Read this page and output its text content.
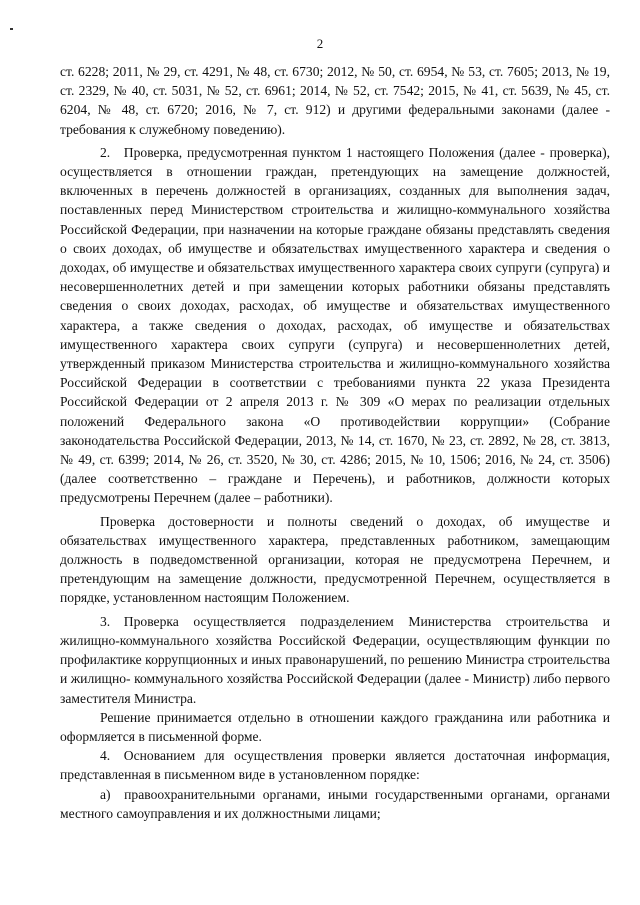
2

ст. 6228; 2011, № 29, ст. 4291, № 48, ст. 6730; 2012, № 50, ст. 6954, № 53, ст. 7605; 2013, № 19, ст. 2329, № 40, ст. 5031, № 52, ст. 6961; 2014, № 52, ст. 7542; 2015, № 41, ст. 5639, № 45, ст. 6204, № 48, ст. 6720; 2016, № 7, ст. 912) и другими федеральными законами (далее - требования к служебному поведению).

2. Проверка, предусмотренная пунктом 1 настоящего Положения (далее - проверка), осуществляется в отношении граждан, претендующих на замещение должностей, включенных в перечень должностей в организациях, созданных для выполнения задач, поставленных перед Министерством строительства и жилищно-коммунального хозяйства Российской Федерации, при назначении на которые граждане обязаны представлять сведения о своих доходах, об имуществе и обязательствах имущественного характера и сведения о доходах, об имуществе и обязательствах имущественного характера своих супруги (супруга) и несовершеннолетних детей и при замещении которых работники обязаны представлять сведения о своих доходах, расходах, об имуществе и обязательствах имущественного характера, а также сведения о доходах, расходах, об имуществе и обязательствах имущественного характера своих супруги (супруга) и несовершеннолетних детей, утвержденный приказом Министерства строительства и жилищно-коммунального хозяйства Российской Федерации в соответствии с требованиями пункта 22 указа Президента Российской Федерации от 2 апреля 2013 г. № 309 «О мерах по реализации отдельных положений Федерального закона «О противодействии коррупции» (Собрание законодательства Российской Федерации, 2013, № 14, ст. 1670, № 23, ст. 2892, № 28, ст. 3813, № 49, ст. 6399; 2014, № 26, ст. 3520, № 30, ст. 4286; 2015, № 10, 1506; 2016, № 24, ст. 3506) (далее соответственно – граждане и Перечень), и работников, должности которых предусмотрены Перечнем (далее – работники).

Проверка достоверности и полноты сведений о доходах, об имуществе и обязательствах имущественного характера, представленных работником, замещающим должность в подведомственной организации, которая не предусмотрена Перечнем, и претендующим на замещение должности, предусмотренной Перечнем, осуществляется в порядке, установленном настоящим Положением.

3. Проверка осуществляется подразделением Министерства строительства и жилищно-коммунального хозяйства Российской Федерации, осуществляющим функции по профилактике коррупционных и иных правонарушений, по решению Министра строительства и жилищно- коммунального хозяйства Российской Федерации (далее - Министр) либо первого заместителя Министра.

Решение принимается отдельно в отношении каждого гражданина или работника и оформляется в письменной форме.

4. Основанием для осуществления проверки является достаточная информация, представленная в письменном виде в установленном порядке:

а) правоохранительными органами, иными государственными органами, органами местного самоуправления и их должностными лицами;
